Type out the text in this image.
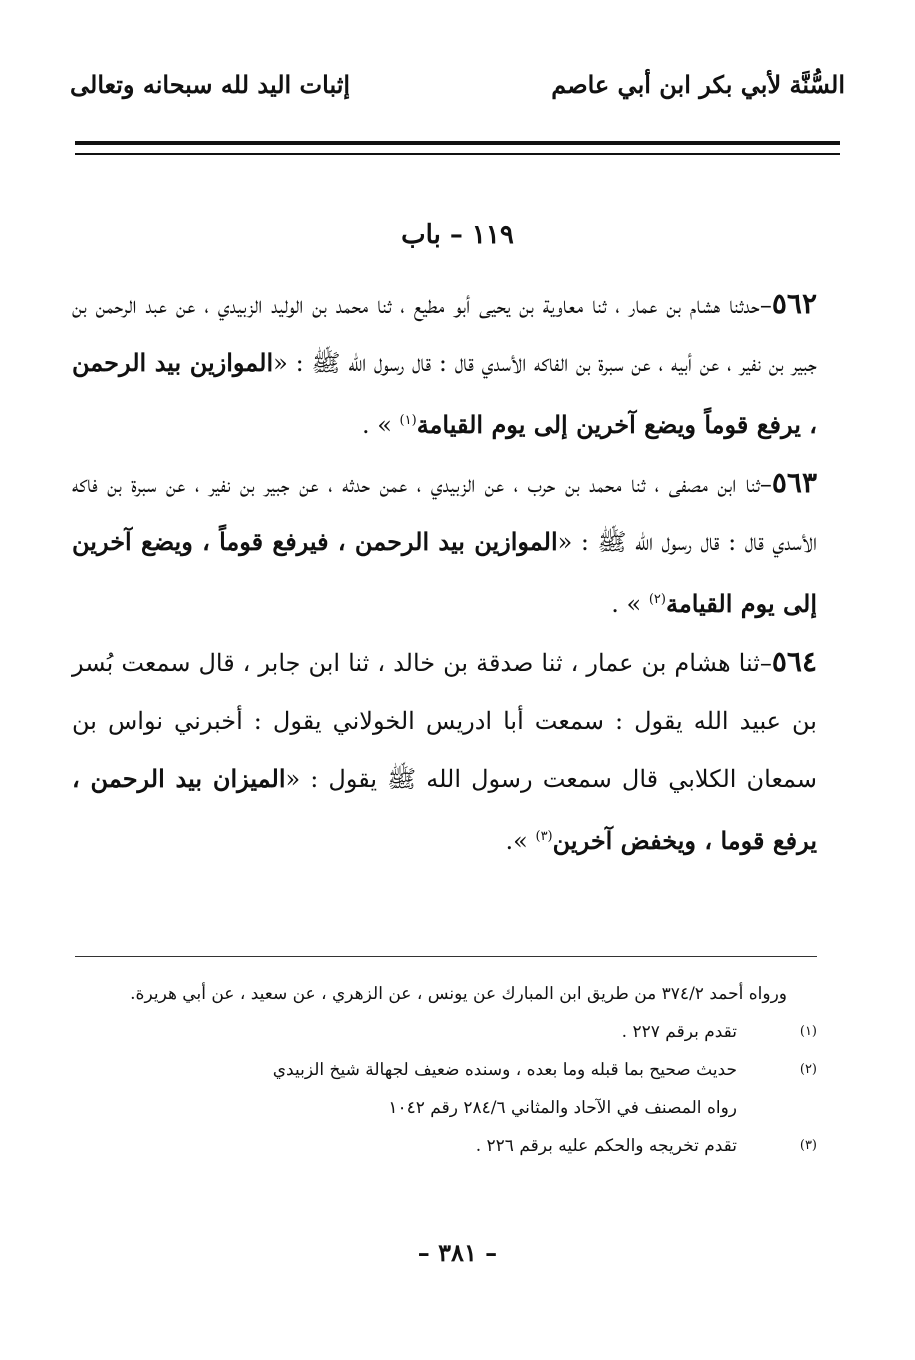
السُّنَّة لأبي بكر ابن أبي عاصم
إثبات اليد لله سبحانه وتعالى
١١٩ – باب

٥٦٢–حدثنا هشام بن عمار ، ثنا معاوية بن يحيى أبو مطيع ، ثنا محمد بن الوليد الزبيدي ، عن عبد الرحمن بن جبير بن نفير ، عن أبيه ، عن سبرة بن الفاكه الأسدي قال : قال رسول الله ﷺ : «الموازين بيد الرحمن ، يرفع قوماً ويضع آخرين إلى يوم القيامة$^{(١)}$ » .

٥٦٣–ثنا ابن مصفى ، ثنا محمد بن حرب ، عن الزبيدي ، عمن حدثه ، عن جبير بن نفير ، عن سبرة بن فاكه الأسدي قال : قال رسول الله ﷺ : «الموازين بيد الرحمن ، فيرفع قوماً ، ويضع آخرين إلى يوم القيامة$^{(٢)}$ » .

٥٦٤–ثنا هشام بن عمار ، ثنا صدقة بن خالد ، ثنا ابن جابر ، قال سمعت بُسر بن عبيد الله يقول : سمعت أبا ادريس الخولاني يقول : أخبرني نواس بن سمعان الكلابي قال سمعت رسول الله ﷺ يقول : «الميزان بيد الرحمن ، يرفع قوما ، ويخفض آخرين$^{(٣)}$ ».

ورواه أحمد ٣٧٤/٢ من طريق ابن المبارك عن يونس ، عن الزهري ، عن سعيد ، عن أبي هريرة.

(١)
تقدم برقم ٢٢٧ .
(٢)
حديث صحيح بما قبله وما بعده ، وسنده ضعيف لجهالة شيخ الزبيدي

رواه المصنف في الآحاد والمثاني ٢٨٤/٦ رقم ١٠٤٢

(٣)
تقدم تخريجه والحكم عليه برقم ٢٢٦ .
– ٣٨١ –
